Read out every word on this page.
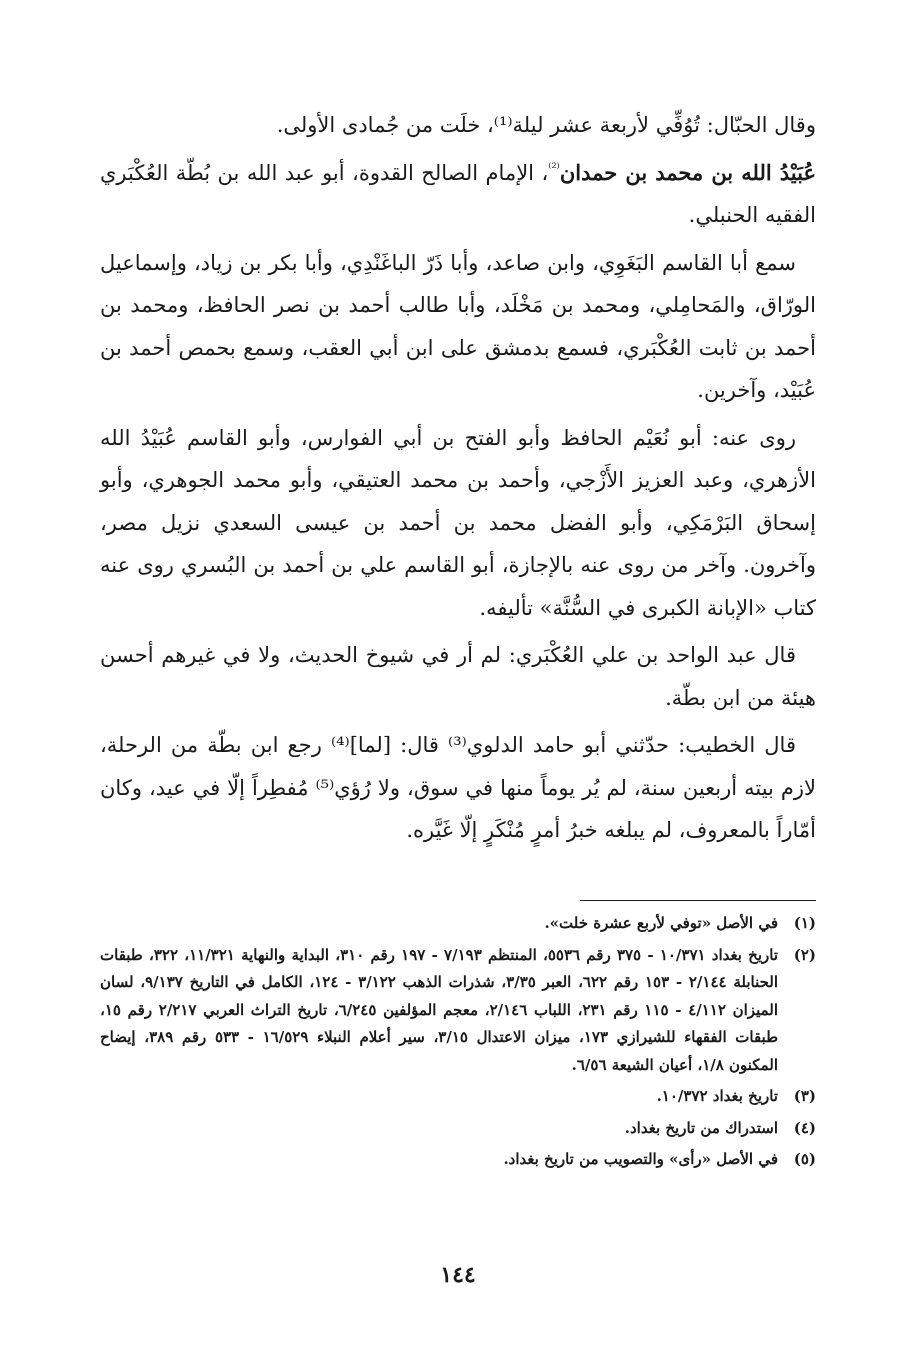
وقال الحبّال: تُوُفِّي لأربعة عشر ليلة⁽¹⁾، خلَت من جُمادى الأولى.

عُبَيْدُ الله بن محمد بن حمدان$^{^{(2)}}$، الإمام الصالح القدوة، أبو عبد الله بن بُطّة العُكْبَري الفقيه الحنبلي.

سمع أبا القاسم البَغَوِي، وابن صاعد، وأبا ذَرّ الباغَنْدِي، وأبا بكر بن زياد، وإسماعيل الورّاق، والمَحامِلي، ومحمد بن مَخْلَد، وأبا طالب أحمد بن نصر الحافظ، ومحمد بن أحمد بن ثابت العُكْبَري، فسمع بدمشق على ابن أبي العقب، وسمع بحمص أحمد بن عُبَيْد، وآخرين.

روى عنه: أبو نُعَيْم الحافظ وأبو الفتح بن أبي الفوارس، وأبو القاسم عُبَيْدُ الله الأزهري، وعبد العزيز الأَزْجي، وأحمد بن محمد العتيقي، وأبو محمد الجوهري، وأبو إسحاق البَرْمَكِي، وأبو الفضل محمد بن أحمد بن عيسى السعدي نزيل مصر، وآخرون. وآخر من روى عنه بالإجازة، أبو القاسم علي بن أحمد بن البُسري روى عنه كتاب «الإبانة الكبرى في السُّنَّة» تأليفه.

قال عبد الواحد بن علي العُكْبَري: لم أر في شيوخ الحديث، ولا في غيرهم أحسن هيئة من ابن بطّة.

قال الخطيب: حدّثني أبو حامد الدلوي⁽³⁾ قال: [لما]⁽⁴⁾ رجع ابن بطّة من الرحلة، لازم بيته أربعين سنة، لم يُر يوماً منها في سوق، ولا رُؤي⁽⁵⁾ مُفطِراً إلّا في عيد، وكان أمّاراً بالمعروف، لم يبلغه خبرُ أمرٍ مُنْكَرٍ إلّا غَيَّره.

(١)
في الأصل «توفي لأربع عشرة خلت».
(٢)
تاريخ بغداد ١٠/٣٧١ - ٣٧٥ رقم ٥٥٣٦، المنتظم ٧/١٩٣ - ١٩٧ رقم ٣١٠، البداية والنهاية ١١/٣٢١، ٣٢٢، طبقات الحنابلة ٢/١٤٤ - ١٥٣ رقم ٦٢٢، العبر ٣/٣٥، شذرات الذهب ٣/١٢٢ - ١٢٤، الكامل في التاريخ ٩/١٣٧، لسان الميزان ٤/١١٢ - ١١٥ رقم ٢٣١، اللباب ٢/١٤٦، معجم المؤلفين ٦/٢٤٥، تاريخ التراث العربي ٢/٢١٧ رقم ١٥، طبقات الفقهاء للشيرازي ١٧٣، ميزان الاعتدال ٣/١٥، سير أعلام النبلاء ١٦/٥٢٩ - ٥٣٣ رقم ٣٨٩، إيضاح المكنون ١/٨، أعيان الشيعة ٦/٥٦.
(٣)
تاريخ بغداد ١٠/٣٧٢.
(٤)
استدراك من تاريخ بغداد.
(٥)
في الأصل «رأى» والتصويب من تاريخ بغداد.
١٤٤
